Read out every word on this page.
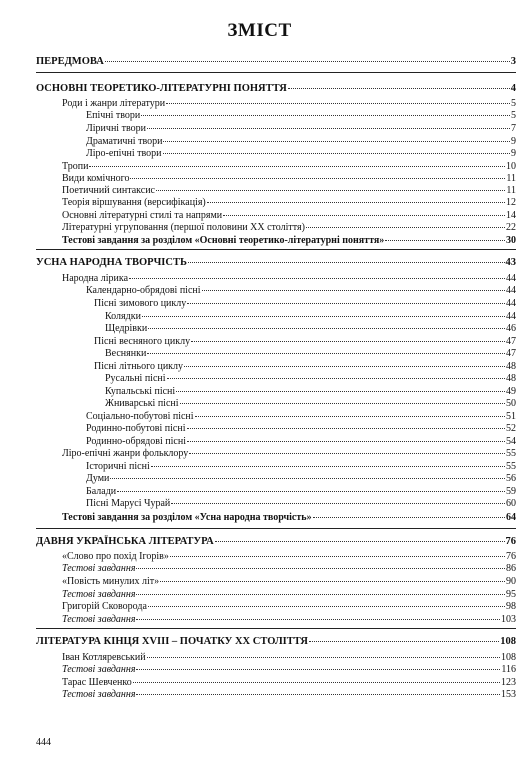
ЗМІСТ
ПЕРЕДМОВА	3
ОСНОВНІ ТЕОРЕТИКО-ЛІТЕРАТУРНІ ПОНЯТТЯ	4
Роди і жанри літератури	5
Епічні твори	5
Ліричні твори	7
Драматичні твори	9
Ліро-епічні твори	9
Тропи	10
Види комічного	11
Поетичний синтаксис	11
Теорія віршування (версифікація)	12
Основні літературні стилі та напрями	14
Літературні угруповання (першої половини XX століття)	22
Тестові завдання за розділом «Основні теоретико-літературні поняття»	30
УСНА НАРОДНА ТВОРЧІСТЬ	43
Народна лірика	44
Календарно-обрядові пісні	44
Пісні зимового циклу	44
Колядки	44
Щедрівки	46
Пісні весняного циклу	47
Веснянки	47
Пісні літнього циклу	48
Русальні пісні	48
Купальські пісні	49
Жниварські пісні	50
Соціально-побутові пісні	51
Родинно-побутові пісні	52
Родинно-обрядові пісні	54
Ліро-епічні жанри фольклору	55
Історичні пісні	55
Думи	56
Балади	59
Пісні Марусі Чурай	60
Тестові завдання за розділом «Усна народна творчість»	64
ДАВНЯ УКРАЇНСЬКА ЛІТЕРАТУРА	76
«Слово про похід Ігорів»	76
Тестові завдання	86
«Повість минулих літ»	90
Тестові завдання	95
Григорій Сковорода	98
Тестові завдання	103
ЛІТЕРАТУРА КІНЦЯ XVIII – ПОЧАТКУ XX СТОЛІТТЯ	108
Іван Котляревський	108
Тестові завдання	116
Тарас Шевченко	123
Тестові завдання	153
444
